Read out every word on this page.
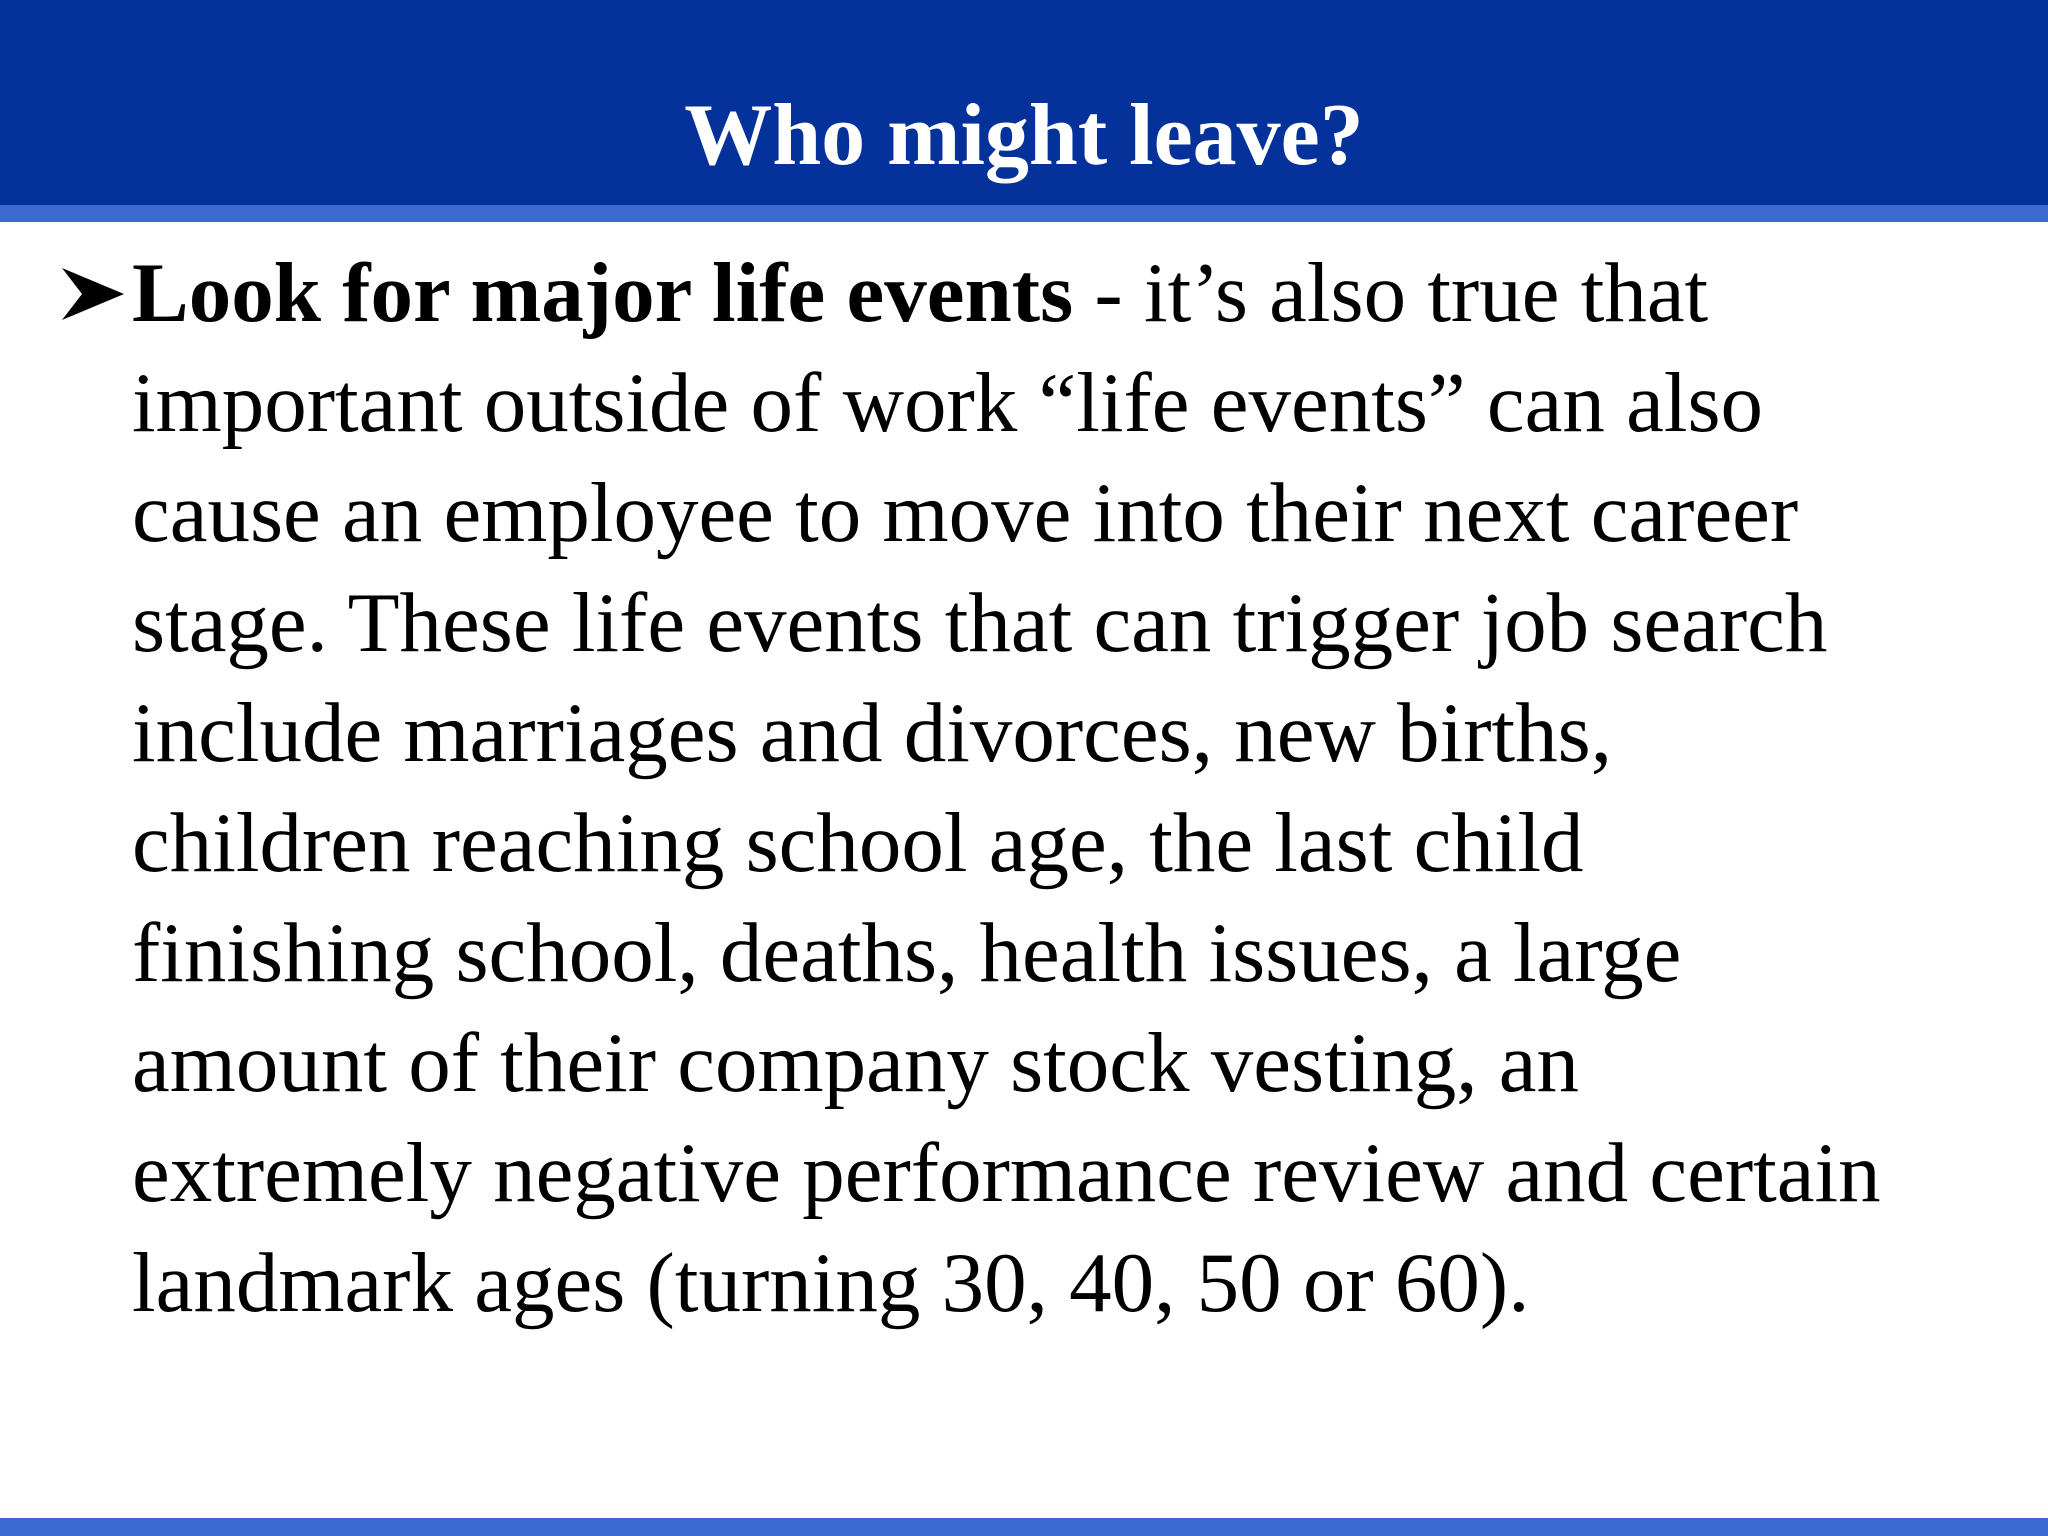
Who might leave?

Look for major life events - it’s also true that
important outside of work “life events” can also
cause an employee to move into their next career
stage. These life events that can trigger job search
include marriages and divorces, new births,
children reaching school age, the last child
finishing school, deaths, health issues, a large
amount of their company stock vesting, an
extremely negative performance review and certain
landmark ages (turning 30, 40, 50 or 60).
